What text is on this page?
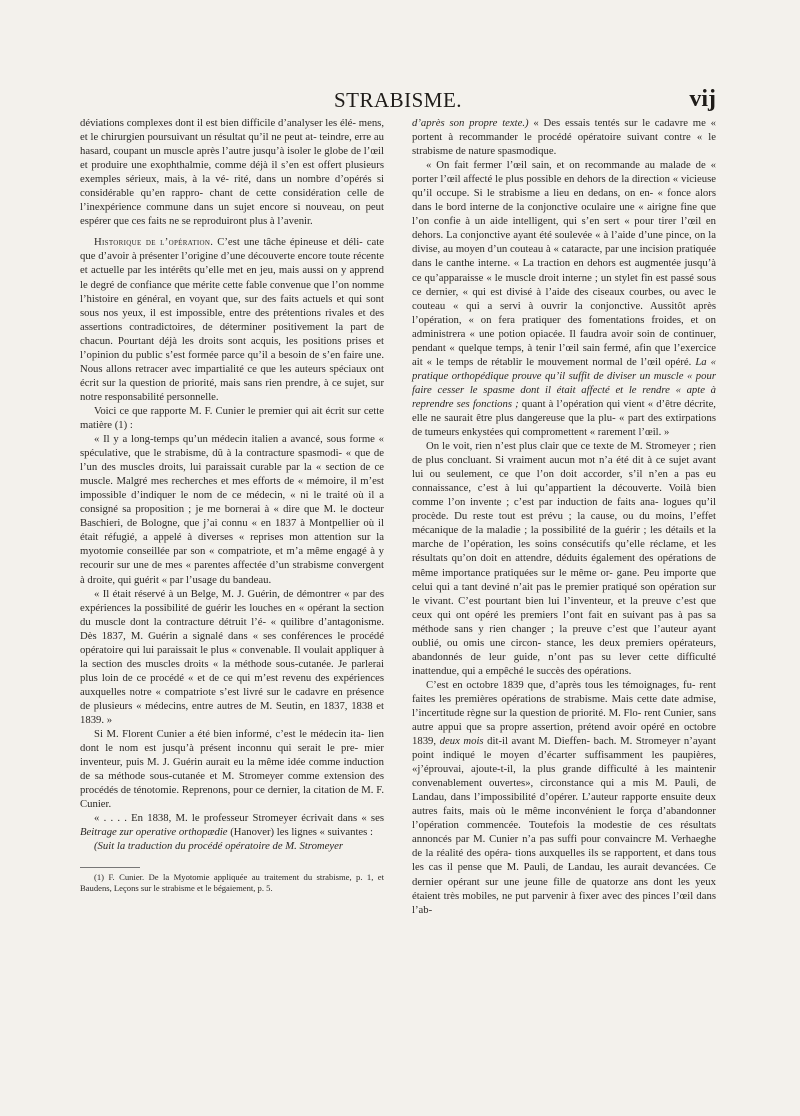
STRABISME.	vij

déviations complexes dont il est bien difficile d’analyser les élé- mens, et le chirurgien poursuivant un résultat qu’il ne peut at- teindre, erre au hasard, coupant un muscle après l’autre jusqu’à isoler le globe de l’œil et produire une exophthalmie, comme déjà il s’en est offert plusieurs exemples sérieux, mais, à la vé- rité, dans un nombre d’opérés si considérable qu’en rappro- chant de cette considération celle de l’inexpérience commune dans un sujet encore si nouveau, on peut espérer que ces faits ne se reproduiront plus à l’avenir.

Historique de l’opération. C’est une tâche épineuse et déli- cate que d’avoir à présenter l’origine d’une découverte encore toute récente et actuelle par les intérêts qu’elle met en jeu, mais aussi on y apprend le degré de confiance que mérite cette fable convenue que l’on nomme l’histoire en général, en voyant que, sur des faits actuels et qui sont sous nos yeux, il est impossible, entre des prétentions rivales et des assertions contradictoires, de déterminer positivement la part de chacun. Pourtant déjà les droits sont acquis, les positions prises et l’opinion du public s’est formée parce qu’il a besoin de s’en faire une. Nous allons retracer avec impartialité ce que les auteurs spéciaux ont écrit sur la question de priorité, mais sans rien prendre, à ce sujet, sur notre responsabilité personnelle.

Voici ce que rapporte M. F. Cunier le premier qui ait écrit sur cette matière (1) :

« Il y a long-temps qu’un médecin italien a avancé, sous forme « spéculative, que le strabisme, dû à la contracture spasmodi- « que de l’un des muscles droits, lui paraissait curable par la « section de ce muscle. Malgré mes recherches et mes efforts de « mémoire, il m’est impossible d’indiquer le nom de ce médecin, « ni le traité où il a consigné sa proposition ; je me bornerai à « dire que M. le docteur Baschieri, de Bologne, que j’ai connu « en 1837 à Montpellier où il était réfugié, a appelé à diverses « reprises mon attention sur la myotomie conseillée par son « compatriote, et m’a même engagé à y recourir sur une de mes « parentes affectée d’un strabisme convergent à droite, qui guérit « par l’usage du bandeau.

« Il était réservé à un Belge, M. J. Guérin, de démontrer « par des expériences la possibilité de guérir les louches en « opérant la section du muscle dont la contracture détruit l’é- « quilibre d’antagonisme. Dès 1837, M. Guérin a signalé dans « ses conférences le procédé opératoire qui lui paraissait le plus « convenable. Il voulait appliquer à la section des muscles droits « la méthode sous-cutanée. Je parlerai plus loin de ce procédé « et de ce qui m’est revenu des expériences auxquelles notre « compatriote s’est livré sur le cadavre en présence de plusieurs « médecins, entre autres de M. Seutin, en 1837, 1838 et 1839. »

Si M. Florent Cunier a été bien informé, c’est le médecin ita- lien dont le nom est jusqu’à présent inconnu qui serait le pre- mier inventeur, puis M. J. Guérin aurait eu la même idée comme induction de sa méthode sous-cutanée et M. Stromeyer comme extension des procédés de ténotomie. Reprenons, pour ce dernier, la citation de M. F. Cunier.

« . . . . En 1838, M. le professeur Stromeyer écrivait dans « ses Beitrage zur operative orthopædie (Hanover) les lignes « suivantes :

(Suit la traduction du procédé opératoire de M. Stromeyer

(1) F. Cunier. De la Myotomie appliquée au traitement du strabisme, p. 1, et Baudens, Leçons sur le strabisme et le bégaiement, p. 5.

d’après son propre texte.) « Des essais tentés sur le cadavre me « portent à recommander le procédé opératoire suivant contre « le strabisme de nature spasmodique.

« On fait fermer l’œil sain, et on recommande au malade de « porter l’œil affecté le plus possible en dehors de la direction « vicieuse qu’il occupe. Si le strabisme a lieu en dedans, on en- « fonce alors dans le bord interne de la conjonctive oculaire une « airigne fine que l’on confie à un aide intelligent, qui s’en sert « pour tirer l’œil en dehors. La conjonctive ayant été soulevée « à l’aide d’une pince, on la divise, au moyen d’un couteau à « cataracte, par une incision pratiquée dans le canthe interne. « La traction en dehors est augmentée jusqu’à ce qu’apparaisse « le muscle droit interne ; un stylet fin est passé sous ce dernier, « qui est divisé à l’aide des ciseaux courbes, ou avec le couteau « qui a servi à ouvrir la conjonctive. Aussitôt après l’opération, « on fera pratiquer des fomentations froides, et on administrera « une potion opiacée. Il faudra avoir soin de continuer, pendant « quelque temps, à tenir l’œil sain fermé, afin que l’exercice ait « le temps de rétablir le mouvement normal de l’œil opéré. La « pratique orthopédique prouve qu’il suffit de diviser un muscle « pour faire cesser le spasme dont il était affecté et le rendre « apte à reprendre ses fonctions ; quant à l’opération qui vient « d’être décrite, elle ne saurait être plus dangereuse que la plu- « part des extirpations de tumeurs enkystées qui compromettent « rarement l’œil. »

On le voit, rien n’est plus clair que ce texte de M. Stromeyer ; rien de plus concluant. Si vraiment aucun mot n’a été dit à ce sujet avant lui ou seulement, ce que l’on doit accorder, s’il n’en a pas eu connaissance, c’est à lui qu’appartient la découverte. Voilà bien comme l’on invente ; c’est par induction de faits ana- logues qu’il procède. Du reste tout est prévu ; la cause, ou du moins, l’effet mécanique de la maladie ; la possibilité de la guérir ; les détails et la marche de l’opération, les soins consécutifs qu’elle réclame, et les résultats qu’on doit en attendre, déduits également des opérations de même importance pratiquées sur le même or- gane. Peu importe que celui qui a tant deviné n’ait pas le premier pratiqué son opération sur le vivant. C’est pourtant bien lui l’inventeur, et la preuve c’est que ceux qui ont opéré les premiers l’ont fait en suivant pas à pas sa méthode sans y rien changer ; la preuve c’est que l’auteur ayant oublié, ou omis une circon- stance, les deux premiers opérateurs, abandonnés de leur guide, n’ont pas su lever cette difficulté inattendue, qui a empêché le succès des opérations.

C’est en octobre 1839 que, d’après tous les témoignages, fu- rent faites les premières opérations de strabisme. Mais cette date admise, l’incertitude règne sur la question de priorité. M. Flo- rent Cunier, sans autre appui que sa propre assertion, prétend avoir opéré en octobre 1839, deux mois dit-il avant M. Dieffen- bach. M. Stromeyer n’ayant point indiqué le moyen d’écarter suffisamment les paupières, «j’éprouvai, ajoute-t-il, la plus grande difficulté à les maintenir convenablement ouvertes», circonstance qui a mis M. Pauli, de Landau, dans l’impossibilité d’opérer. L’auteur rapporte ensuite deux autres faits, mais où le même inconvénient le força d’abandonner l’opération commencée. Toutefois la modestie de ces résultats annoncés par M. Cunier n’a pas suffi pour convaincre M. Verhaeghe de la réalité des opéra- tions auxquelles ils se rapportent, et dans tous les cas il pense que M. Pauli, de Landau, les aurait devancées. Ce dernier opérant sur une jeune fille de quatorze ans dont les yeux étaient très mobiles, ne put parvenir à fixer avec des pinces l’œil dans l’ab-
